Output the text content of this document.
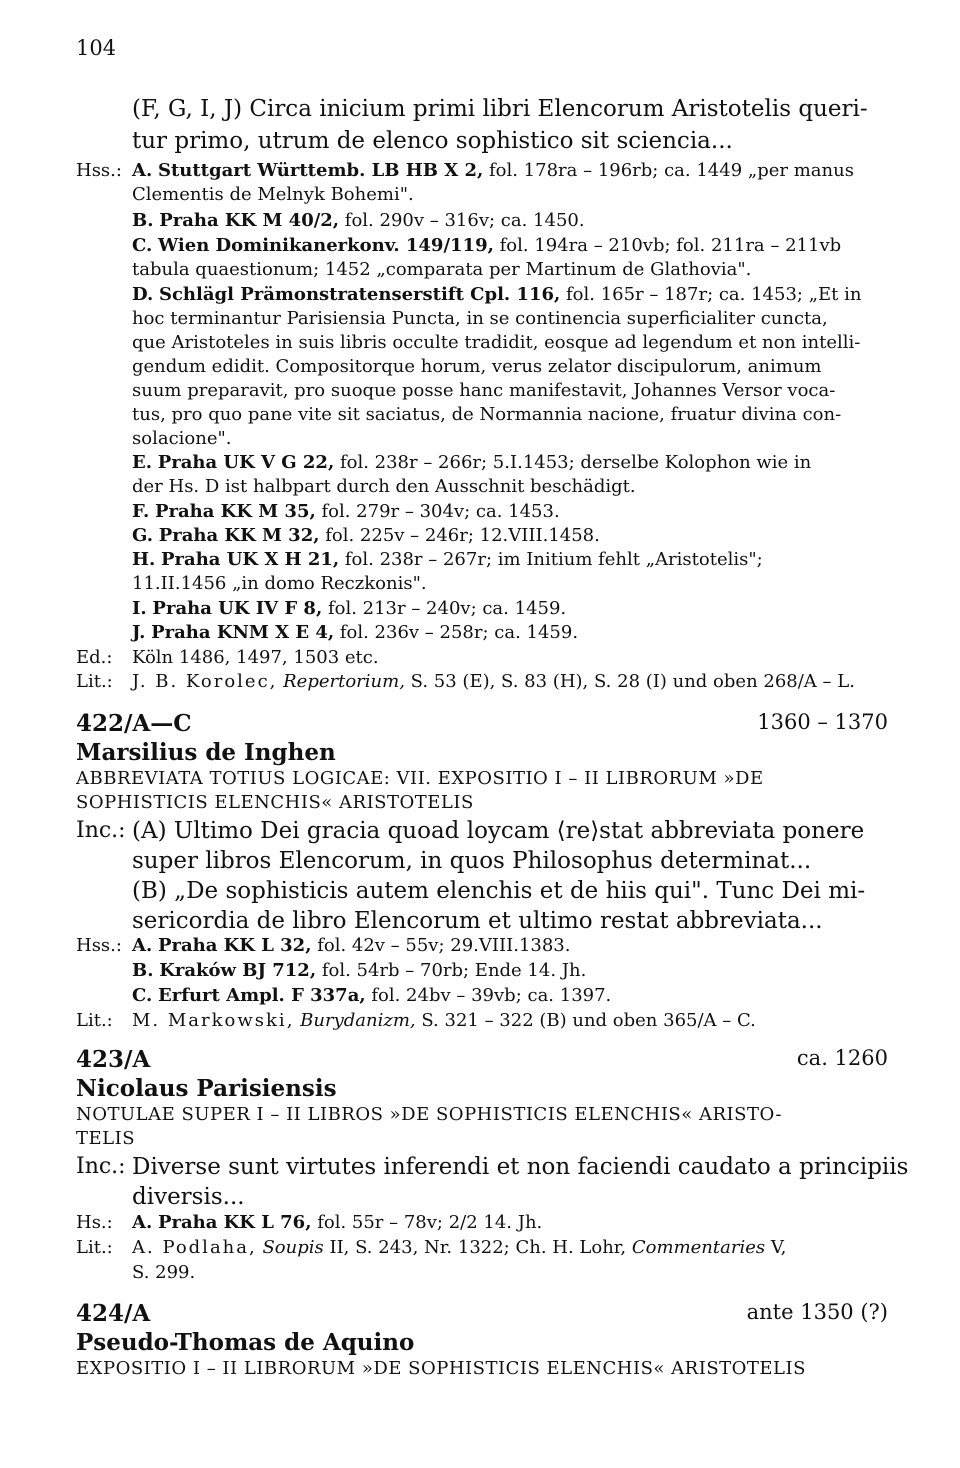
104
(F, G, I, J) Circa inicium primi libri Elencorum Aristotelis queri-
tur primo, utrum de elenco sophistico sit sciencia...
Hss.: A. Stuttgart Württemb. LB HB X 2, fol. 178ra – 196rb; ca. 1449 „per manus
Clementis de Melnyk Bohemi".
B. Praha KK M 40/2, fol. 290v – 316v; ca. 1450.
C. Wien Dominikanerkonv. 149/119, fol. 194ra – 210vb; fol. 211ra – 211vb
tabula quaestionum; 1452 „comparata per Martinum de Glathovia".
D. Schlägl Prämonstratenserstift Cpl. 116, fol. 165r – 187r; ca. 1453; „Et in
hoc terminantur Parisiensia Puncta, in se continencia superficialiter cuncta,
que Aristoteles in suis libris occulte tradidit, eosque ad legendum et non intelli-
gendum edidit. Compositorque horum, verus zelator discipulorum, animum
suum preparavit, pro suoque posse hanc manifestavit, Johannes Versor voca-
tus, pro quo pane vite sit saciatus, de Normannia nacione, fruatur divina con-
solacione".
E. Praha UK V G 22, fol. 238r – 266r; 5.I.1453; derselbe Kolophon wie in
der Hs. D ist halbpart durch den Ausschnit beschädigt.
F. Praha KK M 35, fol. 279r – 304v; ca. 1453.
G. Praha KK M 32, fol. 225v – 246r; 12.VIII.1458.
H. Praha UK X H 21, fol. 238r – 267r; im Initium fehlt „Aristotelis";
11.II.1456 „in domo Reczkonis".
I. Praha UK IV F 8, fol. 213r – 240v; ca. 1459.
J. Praha KNM X E 4, fol. 236v – 258r; ca. 1459.
Ed.: Köln 1486, 1497, 1503 etc.
Lit.: J. B. Korolec, Repertorium, S. 53 (E), S. 83 (H), S. 28 (I) und oben 268/A – L.
422/A—C	1360 – 1370
Marsilius de Inghen
ABBREVIATA TOTIUS LOGICAE: VII. EXPOSITIO I – II LIBRORUM »DE
SOPHISTICIS ELENCHIS« ARISTOTELIS
Inc.: (A) Ultimo Dei gracia quoad loycam ⟨re⟩stat abbreviata ponere
super libros Elencorum, in quos Philosophus determinat...
(B) „De sophisticis autem elenchis et de hiis qui". Tunc Dei mi-
sericordia de libro Elencorum et ultimo restat abbreviata...
Hss.: A. Praha KK L 32, fol. 42v – 55v; 29.VIII.1383.
B. Kraków BJ 712, fol. 54rb – 70rb; Ende 14. Jh.
C. Erfurt Ampl. F 337a, fol. 24bv – 39vb; ca. 1397.
Lit.: M. Markowski, Burydanizm, S. 321 – 322 (B) und oben 365/A – C.
423/A	ca. 1260
Nicolaus Parisiensis
NOTULAE SUPER I – II LIBROS »DE SOPHISTICIS ELENCHIS« ARISTO-
TELIS
Inc.: Diverse sunt virtutes inferendi et non faciendi caudato a principiis
diversis...
Hs.: A. Praha KK L 76, fol. 55r – 78v; 2/2 14. Jh.
Lit.: A. Podlaha, Soupis II, S. 243, Nr. 1322; Ch. H. Lohr, Commentaries V,
S. 299.
424/A	ante 1350 (?)
Pseudo-Thomas de Aquino
EXPOSITIO I – II LIBRORUM »DE SOPHISTICIS ELENCHIS« ARISTOTELIS
